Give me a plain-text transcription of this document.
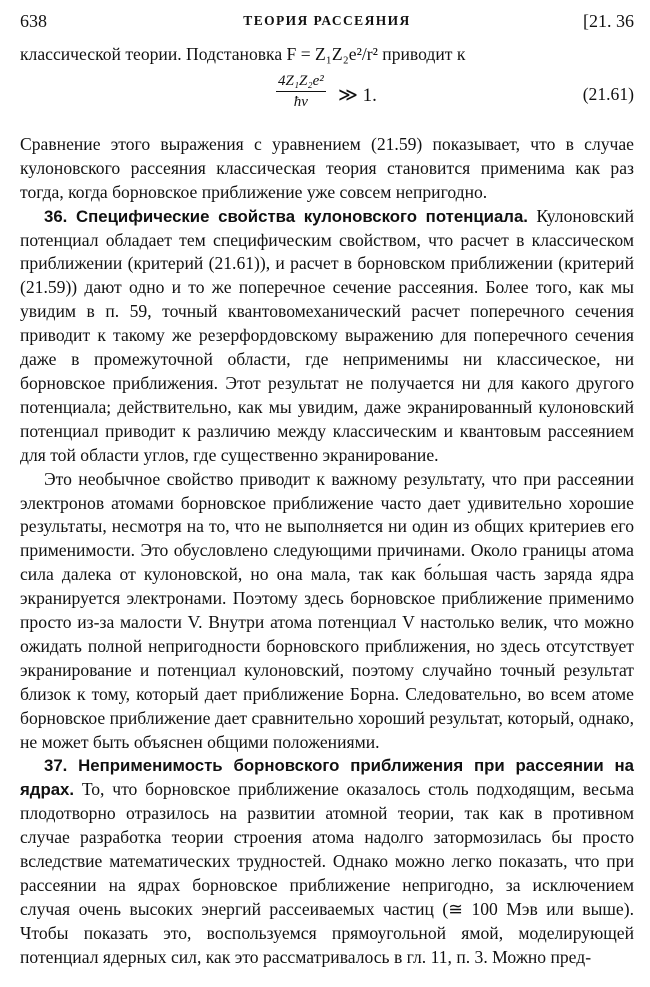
638	ТЕОРИЯ РАССЕЯНИЯ	[21. 36

классической теории. Подстановка F = Z₁Z₂e²/r² приводит к

$\frac{\text{4Z₁Z₂e²}}{ħv}$ ≫ 1.	(21.61)

Сравнение этого выражения с уравнением (21.59) показывает, что в случае кулоновского рассеяния классическая теория становится применима как раз тогда, когда борновское приближение уже совсем непригодно.

36. Специфические свойства кулоновского потенциала. Кулоновский потенциал обладает тем специфическим свойством, что расчет в классическом приближении (критерий (21.61)), и расчет в борновском приближении (критерий (21.59)) дают одно и то же поперечное сечение рассеяния. Более того, как мы увидим в п. 59, точный квантовомеханический расчет поперечного сечения приводит к такому же резерфордовскому выражению для поперечного сечения даже в промежуточной области, где неприменимы ни классическое, ни борновское приближения. Этот результат не получается ни для какого другого потенциала; действительно, как мы увидим, даже экранированный кулоновский потенциал приводит к различию между классическим и квантовым рассеянием для той области углов, где существенно экранирование.

Это необычное свойство приводит к важному результату, что при рассеянии электронов атомами борновское приближение часто дает удивительно хорошие результаты, несмотря на то, что не выполняется ни один из общих критериев его применимости. Это обусловлено следующими причинами. Около границы атома сила далека от кулоновской, но она мала, так как бо́льшая часть заряда ядра экранируется электронами. Поэтому здесь борновское приближение применимо просто из-за малости V. Внутри атома потенциал V настолько велик, что можно ожидать полной непригодности борновского приближения, но здесь отсутствует экранирование и потенциал кулоновский, поэтому случайно точный результат близок к тому, который дает приближение Борна. Следовательно, во всем атоме борновское приближение дает сравнительно хороший результат, который, однако, не может быть объяснен общими положениями.

37. Неприменимость борновского приближения при рассеянии на ядрах. То, что борновское приближение оказалось столь подходящим, весьма плодотворно отразилось на развитии атомной теории, так как в противном случае разработка теории строения атома надолго затормозилась бы просто вследствие математических трудностей. Однако можно легко показать, что при рассеянии на ядрах борновское приближение непригодно, за исключением случая очень высоких энергий рассеиваемых частиц (≅ 100 Мэв или выше). Чтобы показать это, воспользуемся прямоугольной ямой, моделирующей потенциал ядерных сил, как это рассматривалось в гл. 11, п. 3. Можно пред-
